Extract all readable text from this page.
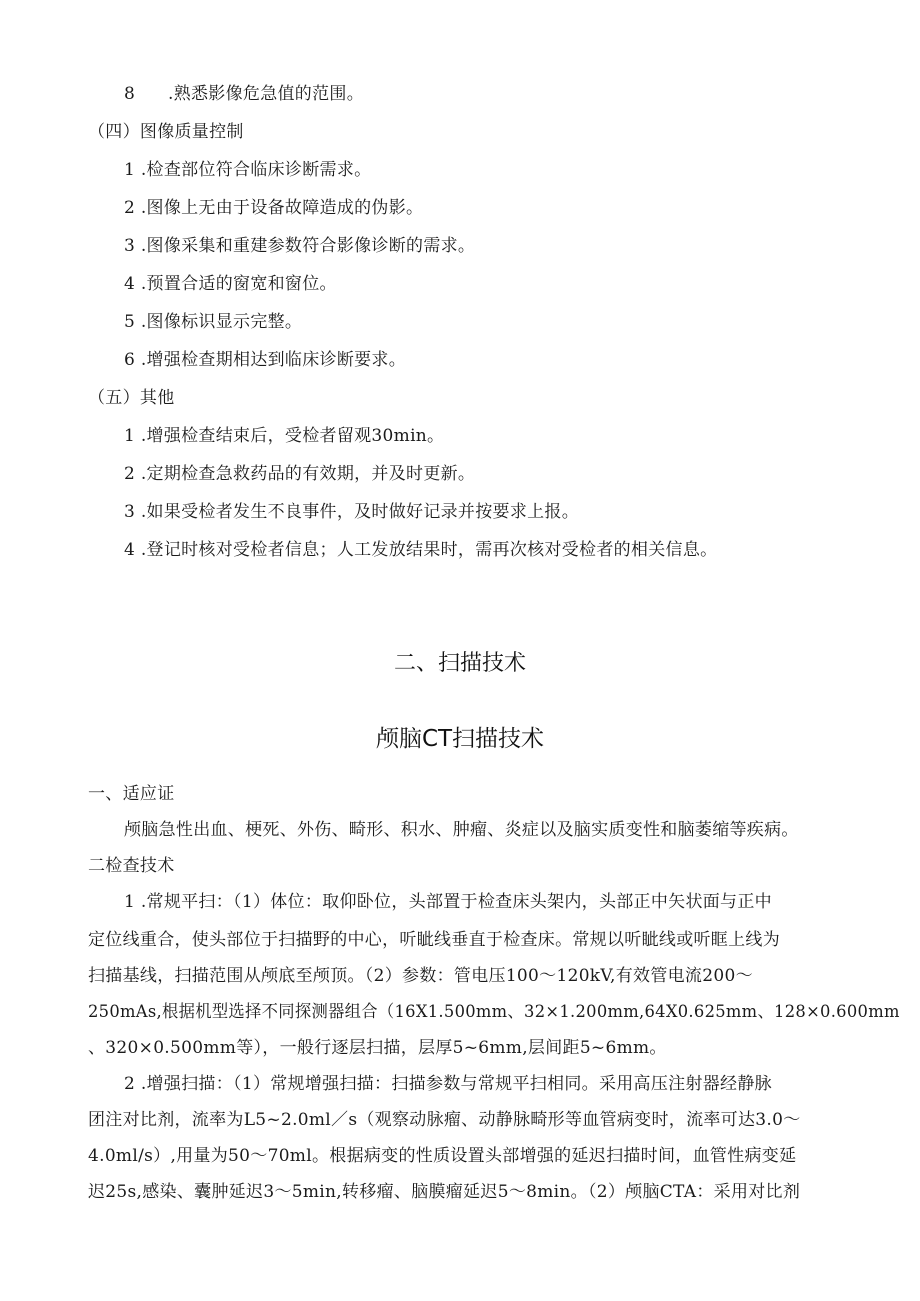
8 .熟悉影像危急值的范围。
（四）图像质量控制
1 .检查部位符合临床诊断需求。
2 .图像上无由于设备故障造成的伪影。
3 .图像采集和重建参数符合影像诊断的需求。
4 .预置合适的窗宽和窗位。
5 .图像标识显示完整。
6 .增强检查期相达到临床诊断要求。
（五）其他
1 .增强检查结束后，受检者留观30min。
2 .定期检查急救药品的有效期，并及时更新。
3 .如果受检者发生不良事件，及时做好记录并按要求上报。
4 .登记时核对受检者信息；人工发放结果时，需再次核对受检者的相关信息。
二、扫描技术
颅脑CT扫描技术
一、适应证
颅脑急性出血、梗死、外伤、畸形、积水、肿瘤、炎症以及脑实质变性和脑萎缩等疾病。
二检查技术
1 .常规平扫：（1）体位：取仰卧位，头部置于检查床头架内，头部正中矢状面与正中
定位线重合，使头部位于扫描野的中心，听眦线垂直于检查床。常规以听眦线或听眶上线为
扫描基线，扫描范围从颅底至颅顶。（2）参数：管电压100～120kV,有效管电流200～
250mAs,根据机型选择不同探测器组合（16X1.500mm、32×1.200mm,64X0.625mm、128×0.600mm
、320×0.500mm等），一般行逐层扫描，层厚5~6mm,层间距5~6mm。
2 .增强扫描：（1）常规增强扫描：扫描参数与常规平扫相同。采用高压注射器经静脉
团注对比剂，流率为L5~2.0ml／s（观察动脉瘤、动静脉畸形等血管病变时，流率可达3.0～
4.0ml/s）,用量为50～70ml。根据病变的性质设置头部增强的延迟扫描时间，血管性病变延
迟25s,感染、囊肿延迟3～5min,转移瘤、脑膜瘤延迟5～8min。（2）颅脑CTA：采用对比剂
